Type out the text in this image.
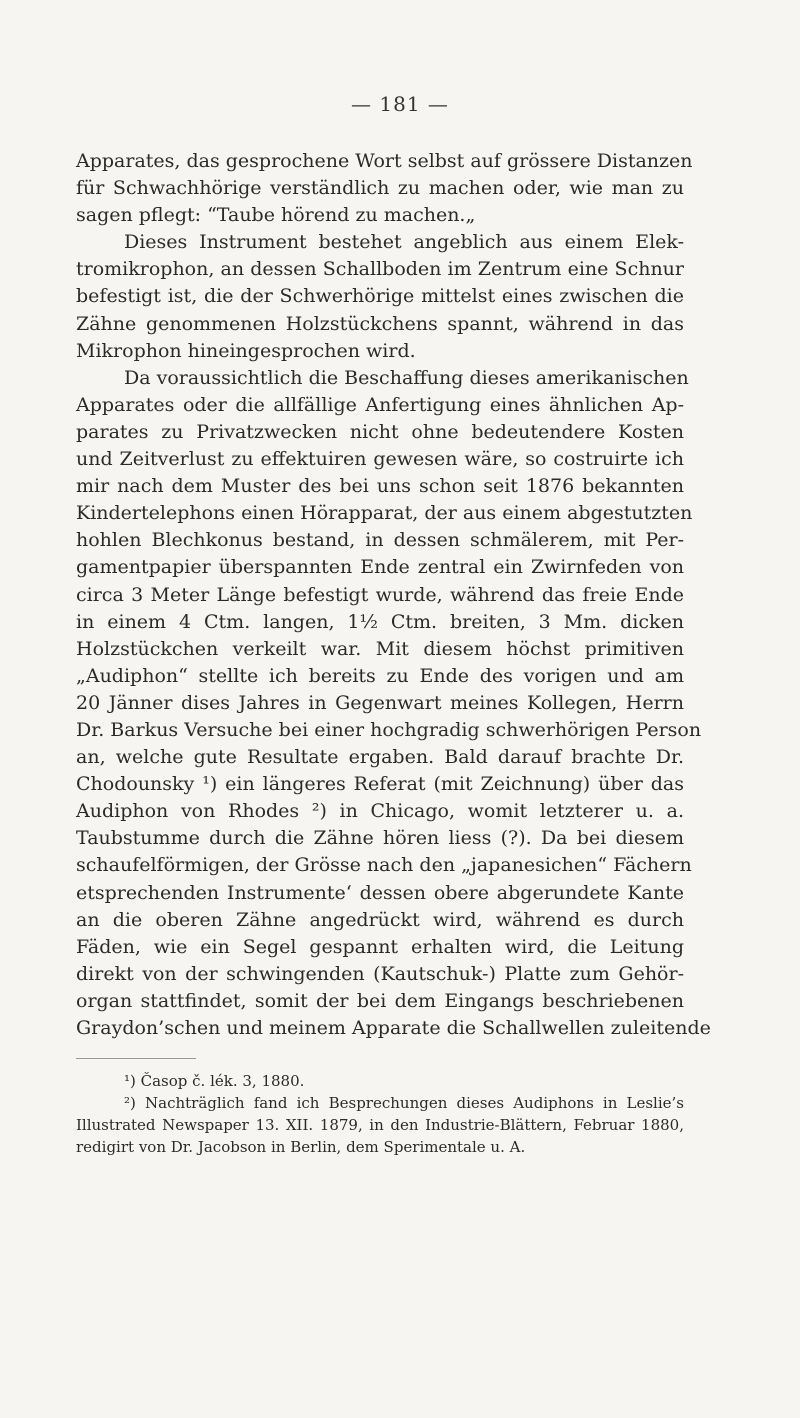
— 181 —
Apparates, das gesprochene Wort selbst auf grössere Distanzen
für Schwachhörige verständlich zu machen oder, wie man zu
sagen pflegt: “Taube hörend zu machen.„
Dieses Instrument bestehet angeblich aus einem Elek-
tromikrophon, an dessen Schallboden im Zentrum eine Schnur
befestigt ist, die der Schwerhörige mittelst eines zwischen die
Zähne genommenen Holzstückchens spannt, während in das
Mikrophon hineingesprochen wird.
Da voraussichtlich die Beschaffung dieses amerikanischen
Apparates oder die allfällige Anfertigung eines ähnlichen Ap-
parates zu Privatzwecken nicht ohne bedeutendere Kosten
und Zeitverlust zu effektuiren gewesen wäre, so costruirte ich
mir nach dem Muster des bei uns schon seit 1876 bekannten
Kindertelephons einen Hörapparat, der aus einem abgestutzten
hohlen Blechkonus bestand, in dessen schmälerem, mit Per-
gamentpapier überspannten Ende zentral ein Zwirnfeden von
circa 3 Meter Länge befestigt wurde, während das freie Ende
in einem 4 Ctm. langen, 1½ Ctm. breiten, 3 Mm. dicken
Holzstückchen verkeilt war. Mit diesem höchst primitiven
„Audiphon“ stellte ich bereits zu Ende des vorigen und am
20 Jänner dises Jahres in Gegenwart meines Kollegen, Herrn
Dr. Barkus Versuche bei einer hochgradig schwerhörigen Person
an, welche gute Resultate ergaben. Bald darauf brachte Dr.
Chodounsky ¹) ein längeres Referat (mit Zeichnung) über das
Audiphon von Rhodes ²) in Chicago, womit letzterer u. a.
Taubstumme durch die Zähne hören liess (?). Da bei diesem
schaufelförmigen, der Grösse nach den „japanesichen“ Fächern
etsprechenden Instrumente‘ dessen obere abgerundete Kante
an die oberen Zähne angedrückt wird, während es durch
Fäden, wie ein Segel gespannt erhalten wird, die Leitung
direkt von der schwingenden (Kautschuk-) Platte zum Gehör-
organ stattfindet, somit der bei dem Eingangs beschriebenen
Graydon’schen und meinem Apparate die Schallwellen zuleitende
¹) Časop č. lék. 3, 1880.
²) Nachträglich fand ich Besprechungen dieses Audiphons in Leslie’s
Illustrated Newspaper 13. XII. 1879, in den Industrie-Blättern, Februar 1880,
redigirt von Dr. Jacobson in Berlin, dem Sperimentale u. A.
